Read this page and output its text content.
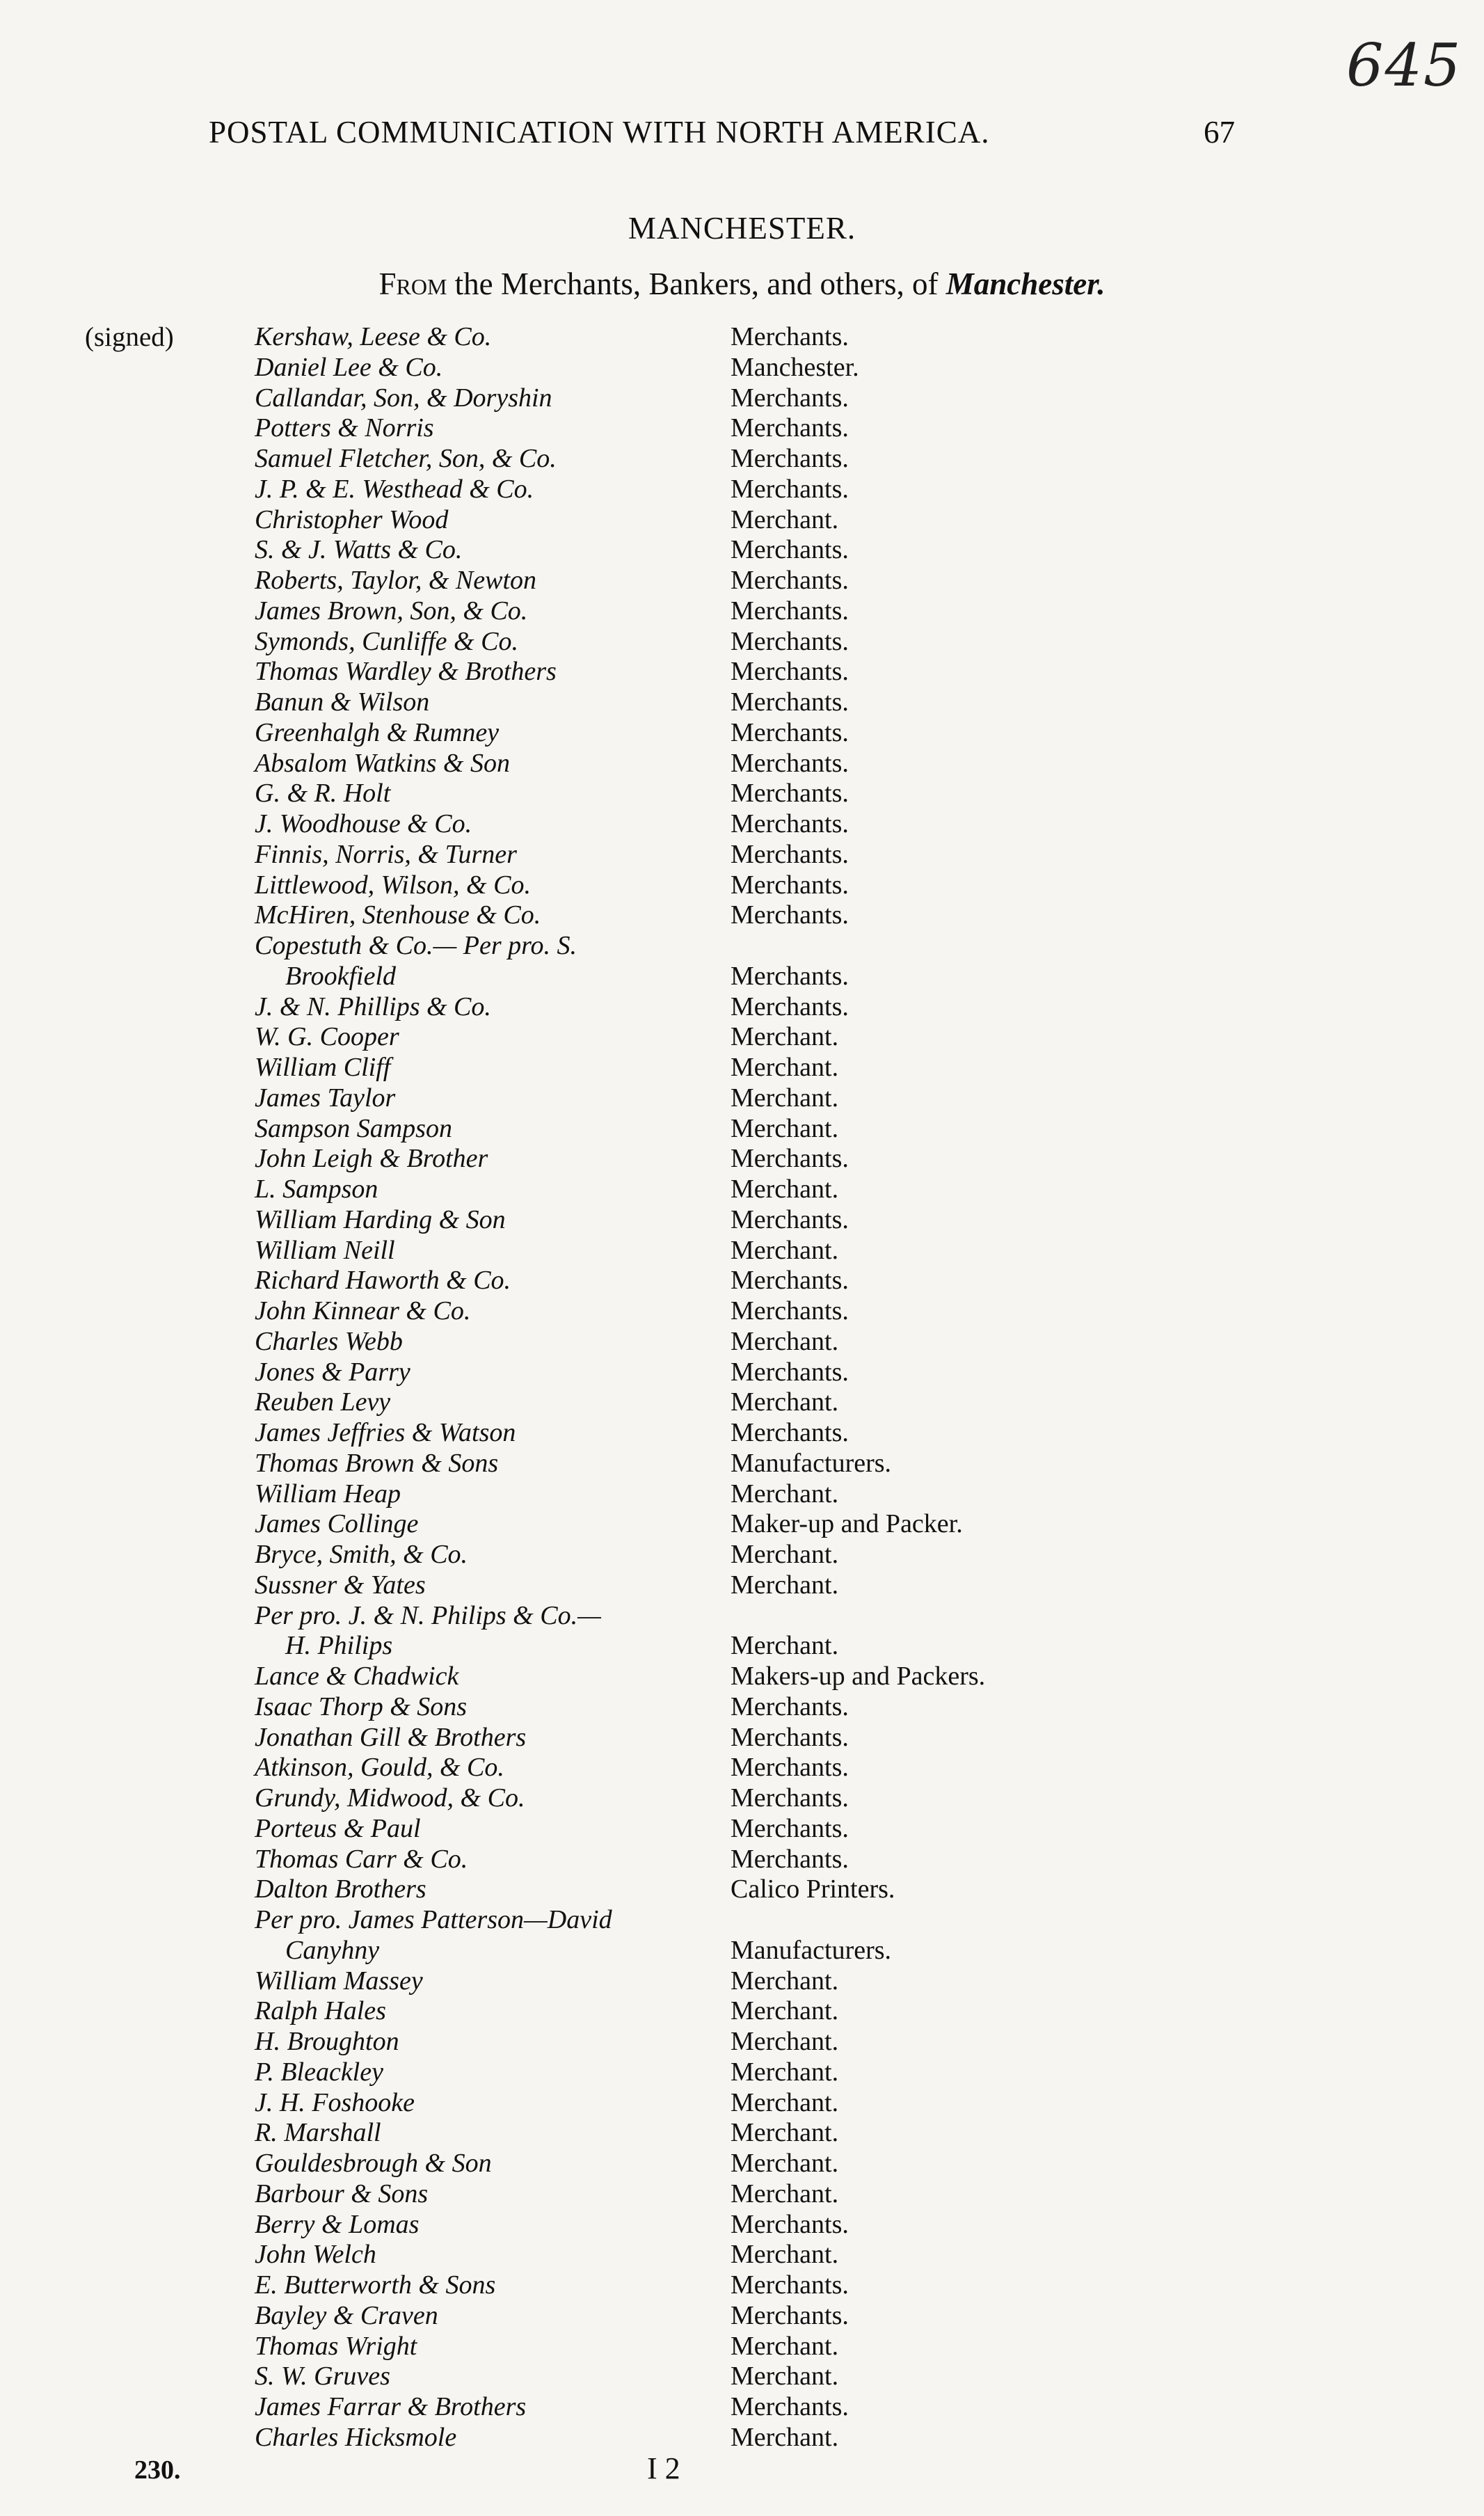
645
POSTAL COMMUNICATION WITH NORTH AMERICA.	67
MANCHESTER.
From the Merchants, Bankers, and others, of Manchester.
(signed)	Kershaw, Leese & Co.	Merchants.
Daniel Lee & Co.	Manchester.
Callandar, Son, & Doryshin	Merchants.
Potters & Norris	Merchants.
Samuel Fletcher, Son, & Co.	Merchants.
J. P. & E. Westhead & Co.	Merchants.
Christopher Wood	Merchant.
S. & J. Watts & Co.	Merchants.
Roberts, Taylor, & Newton	Merchants.
James Brown, Son, & Co.	Merchants.
Symonds, Cunliffe & Co.	Merchants.
Thomas Wardley & Brothers	Merchants.
Banun & Wilson	Merchants.
Greenhalgh & Rumney	Merchants.
Absalom Watkins & Son	Merchants.
G. & R. Holt	Merchants.
J. Woodhouse & Co.	Merchants.
Finnis, Norris, & Turner	Merchants.
Littlewood, Wilson, & Co.	Merchants.
McHiren, Stenhouse & Co.	Merchants.
Copestuth & Co.— Per pro. S.
Brookfield	Merchants.
J. & N. Phillips & Co.	Merchants.
W. G. Cooper	Merchant.
William Cliff	Merchant.
James Taylor	Merchant.
Sampson Sampson	Merchant.
John Leigh & Brother	Merchants.
L. Sampson	Merchant.
William Harding & Son	Merchants.
William Neill	Merchant.
Richard Haworth & Co.	Merchants.
John Kinnear & Co.	Merchants.
Charles Webb	Merchant.
Jones & Parry	Merchants.
Reuben Levy	Merchant.
James Jeffries & Watson	Merchants.
Thomas Brown & Sons	Manufacturers.
William Heap	Merchant.
James Collinge	Maker-up and Packer.
Bryce, Smith, & Co.	Merchant.
Sussner & Yates	Merchant.
Per pro. J. & N. Philips & Co.—
H. Philips	Merchant.
Lance & Chadwick	Makers-up and Packers.
Isaac Thorp & Sons	Merchants.
Jonathan Gill & Brothers	Merchants.
Atkinson, Gould, & Co.	Merchants.
Grundy, Midwood, & Co.	Merchants.
Porteus & Paul	Merchants.
Thomas Carr & Co.	Merchants.
Dalton Brothers	Calico Printers.
Per pro. James Patterson—David
Canyhny	Manufacturers.
William Massey	Merchant.
Ralph Hales	Merchant.
H. Broughton	Merchant.
P. Bleackley	Merchant.
J. H. Foshooke	Merchant.
R. Marshall	Merchant.
Gouldesbrough & Son	Merchant.
Barbour & Sons	Merchant.
Berry & Lomas	Merchants.
John Welch	Merchant.
E. Butterworth & Sons	Merchants.
Bayley & Craven	Merchants.
Thomas Wright	Merchant.
S. W. Gruves	Merchant.
James Farrar & Brothers	Merchants.
Charles Hicksmole	Merchant.
230.	I 2
